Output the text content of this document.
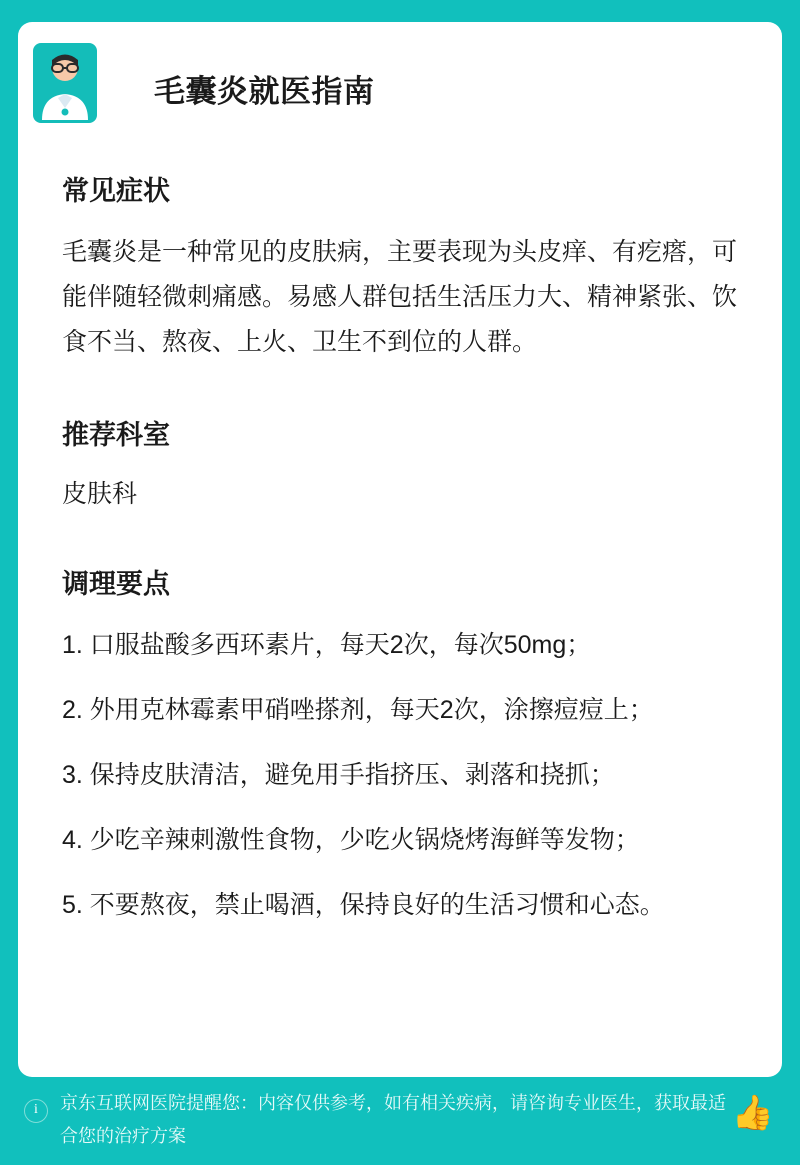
毛囊炎就医指南
常见症状

毛囊炎是一种常见的皮肤病，主要表现为头皮痒、有疙瘩，可能伴随轻微刺痛感。易感人群包括生活压力大、精神紧张、饮食不当、熬夜、上火、卫生不到位的人群。

推荐科室

皮肤科

调理要点
1. 口服盐酸多西环素片，每天2次，每次50mg；
2. 外用克林霉素甲硝唑搽剂，每天2次，涂擦痘痘上；
3. 保持皮肤清洁，避免用手指挤压、剥落和挠抓；
4. 少吃辛辣刺激性食物，少吃火锅烧烤海鲜等发物；
5. 不要熬夜，禁止喝酒，保持良好的生活习惯和心态。
i	京东互联网医院提醒您：内容仅供参考，如有相关疾病，请咨询专业医生，获取最适合您的治疗方案
👍
